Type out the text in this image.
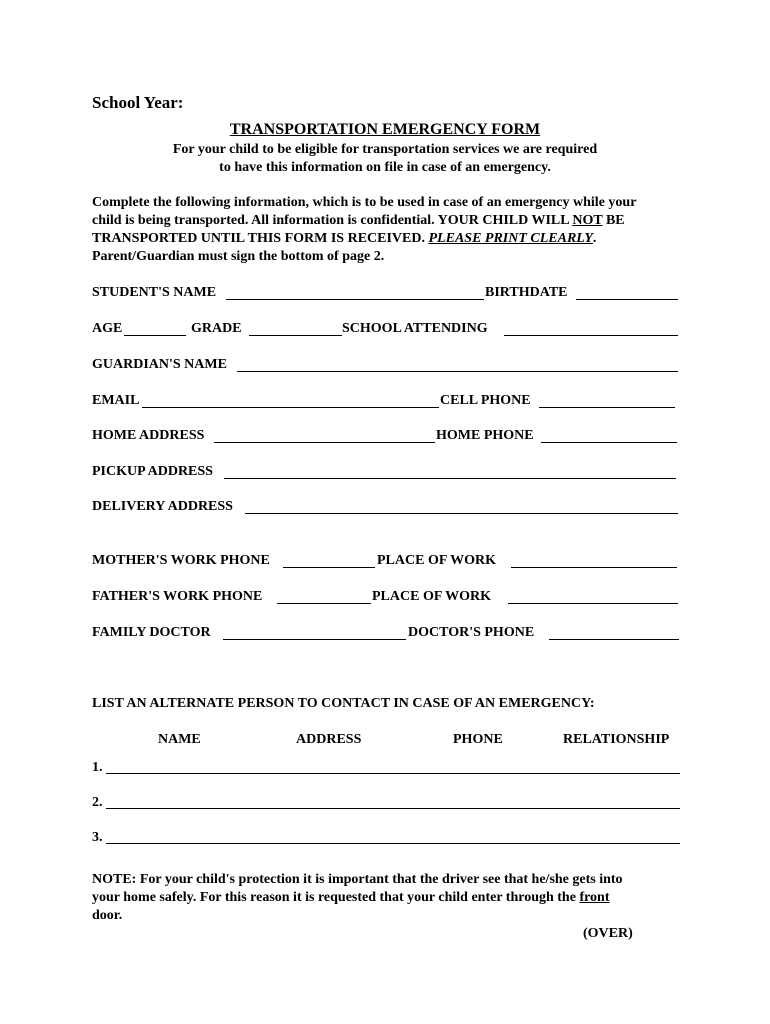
School Year:
TRANSPORTATION EMERGENCY FORM
For your child to be eligible for transportation services we are required
to have this information on file in case of an emergency.
Complete the following information, which is to be used in case of an emergency while your
child is being transported. All information is confidential. YOUR CHILD WILL NOT BE
TRANSPORTED UNTIL THIS FORM IS RECEIVED. PLEASE PRINT CLEARLY.
Parent/Guardian must sign the bottom of page 2.
STUDENT'S NAME	BIRTHDATE
AGE	GRADE	SCHOOL ATTENDING
GUARDIAN'S NAME
EMAIL	CELL PHONE
HOME ADDRESS	HOME PHONE
PICKUP ADDRESS
DELIVERY ADDRESS
MOTHER'S WORK PHONE	PLACE OF WORK
FATHER'S WORK PHONE	PLACE OF WORK
FAMILY DOCTOR	DOCTOR'S PHONE
LIST AN ALTERNATE PERSON TO CONTACT IN CASE OF AN EMERGENCY:
NAME	ADDRESS	PHONE	RELATIONSHIP
1.
2.
3.
NOTE: For your child's protection it is important that the driver see that he/she gets into
your home safely. For this reason it is requested that your child enter through the front
door.
(OVER)
